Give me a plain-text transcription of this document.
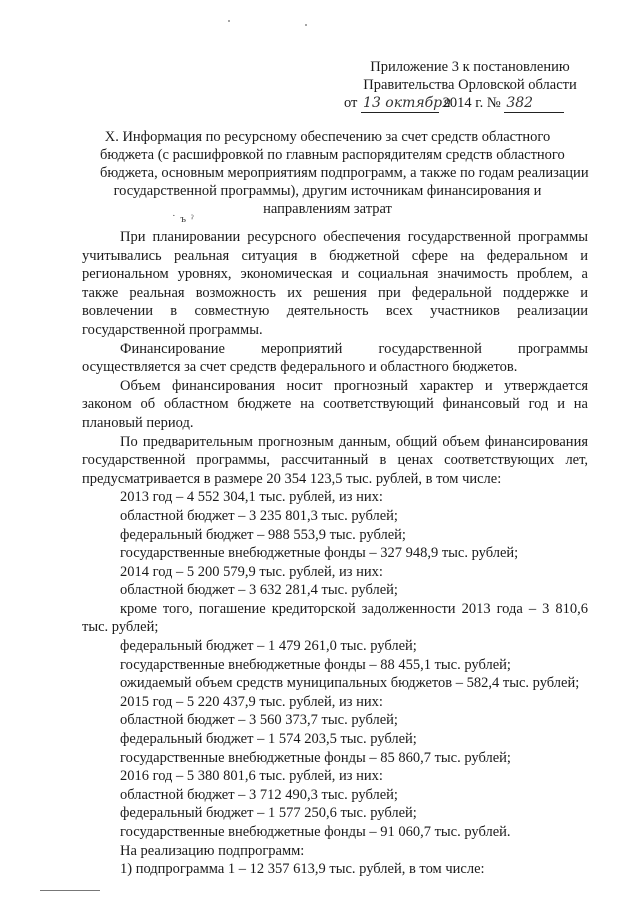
Приложение 3 к постановлению
Правительства Орловской области
от 13 октября 2014 г. № 382
X. Информация по ресурсному обеспечению за счет средств областного
бюджета (с расшифровкой по главным распорядителям средств областного
бюджета, основным мероприятиям подпрограмм, а также по годам реализации
государственной программы), другим источникам финансирования и
направлениям затрат
˙ ъ ˀ
При планировании ресурсного обеспечения государственной программы
учитывались реальная ситуация в бюджетной сфере на федеральном и
региональном уровнях, экономическая и социальная значимость проблем, а
также реальная возможность их решения при федеральной поддержке и
вовлечении в совместную деятельность всех участников реализации
государственной программы.
Финансирование мероприятий государственной программы
осуществляется за счет средств федерального и областного бюджетов.
Объем финансирования носит прогнозный характер и утверждается
законом об областном бюджете на соответствующий финансовый год и на
плановый период.
По предварительным прогнозным данным, общий объем финансирования
государственной программы, рассчитанный в ценах соответствующих лет,
предусматривается в размере 20 354 123,5 тыс. рублей, в том числе:
2013 год – 4 552 304,1 тыс. рублей, из них:
областной бюджет – 3 235 801,3 тыс. рублей;
федеральный бюджет – 988 553,9 тыс. рублей;
государственные внебюджетные фонды – 327 948,9 тыс. рублей;
2014 год – 5 200 579,9 тыс. рублей, из них:
областной бюджет – 3 632 281,4 тыс. рублей;
кроме того, погашение кредиторской задолженности 2013 года – 3 810,6
тыс. рублей;
федеральный бюджет – 1 479 261,0 тыс. рублей;
государственные внебюджетные фонды – 88 455,1 тыс. рублей;
ожидаемый объем средств муниципальных бюджетов – 582,4 тыс. рублей;
2015 год – 5 220 437,9 тыс. рублей, из них:
областной бюджет – 3 560 373,7 тыс. рублей;
федеральный бюджет – 1 574 203,5 тыс. рублей;
государственные внебюджетные фонды – 85 860,7 тыс. рублей;
2016 год – 5 380 801,6 тыс. рублей, из них:
областной бюджет – 3 712 490,3 тыс. рублей;
федеральный бюджет – 1 577 250,6 тыс. рублей;
государственные внебюджетные фонды – 91 060,7 тыс. рублей.
На реализацию подпрограмм:
1) подпрограмма 1 – 12 357 613,9 тыс. рублей, в том числе:
